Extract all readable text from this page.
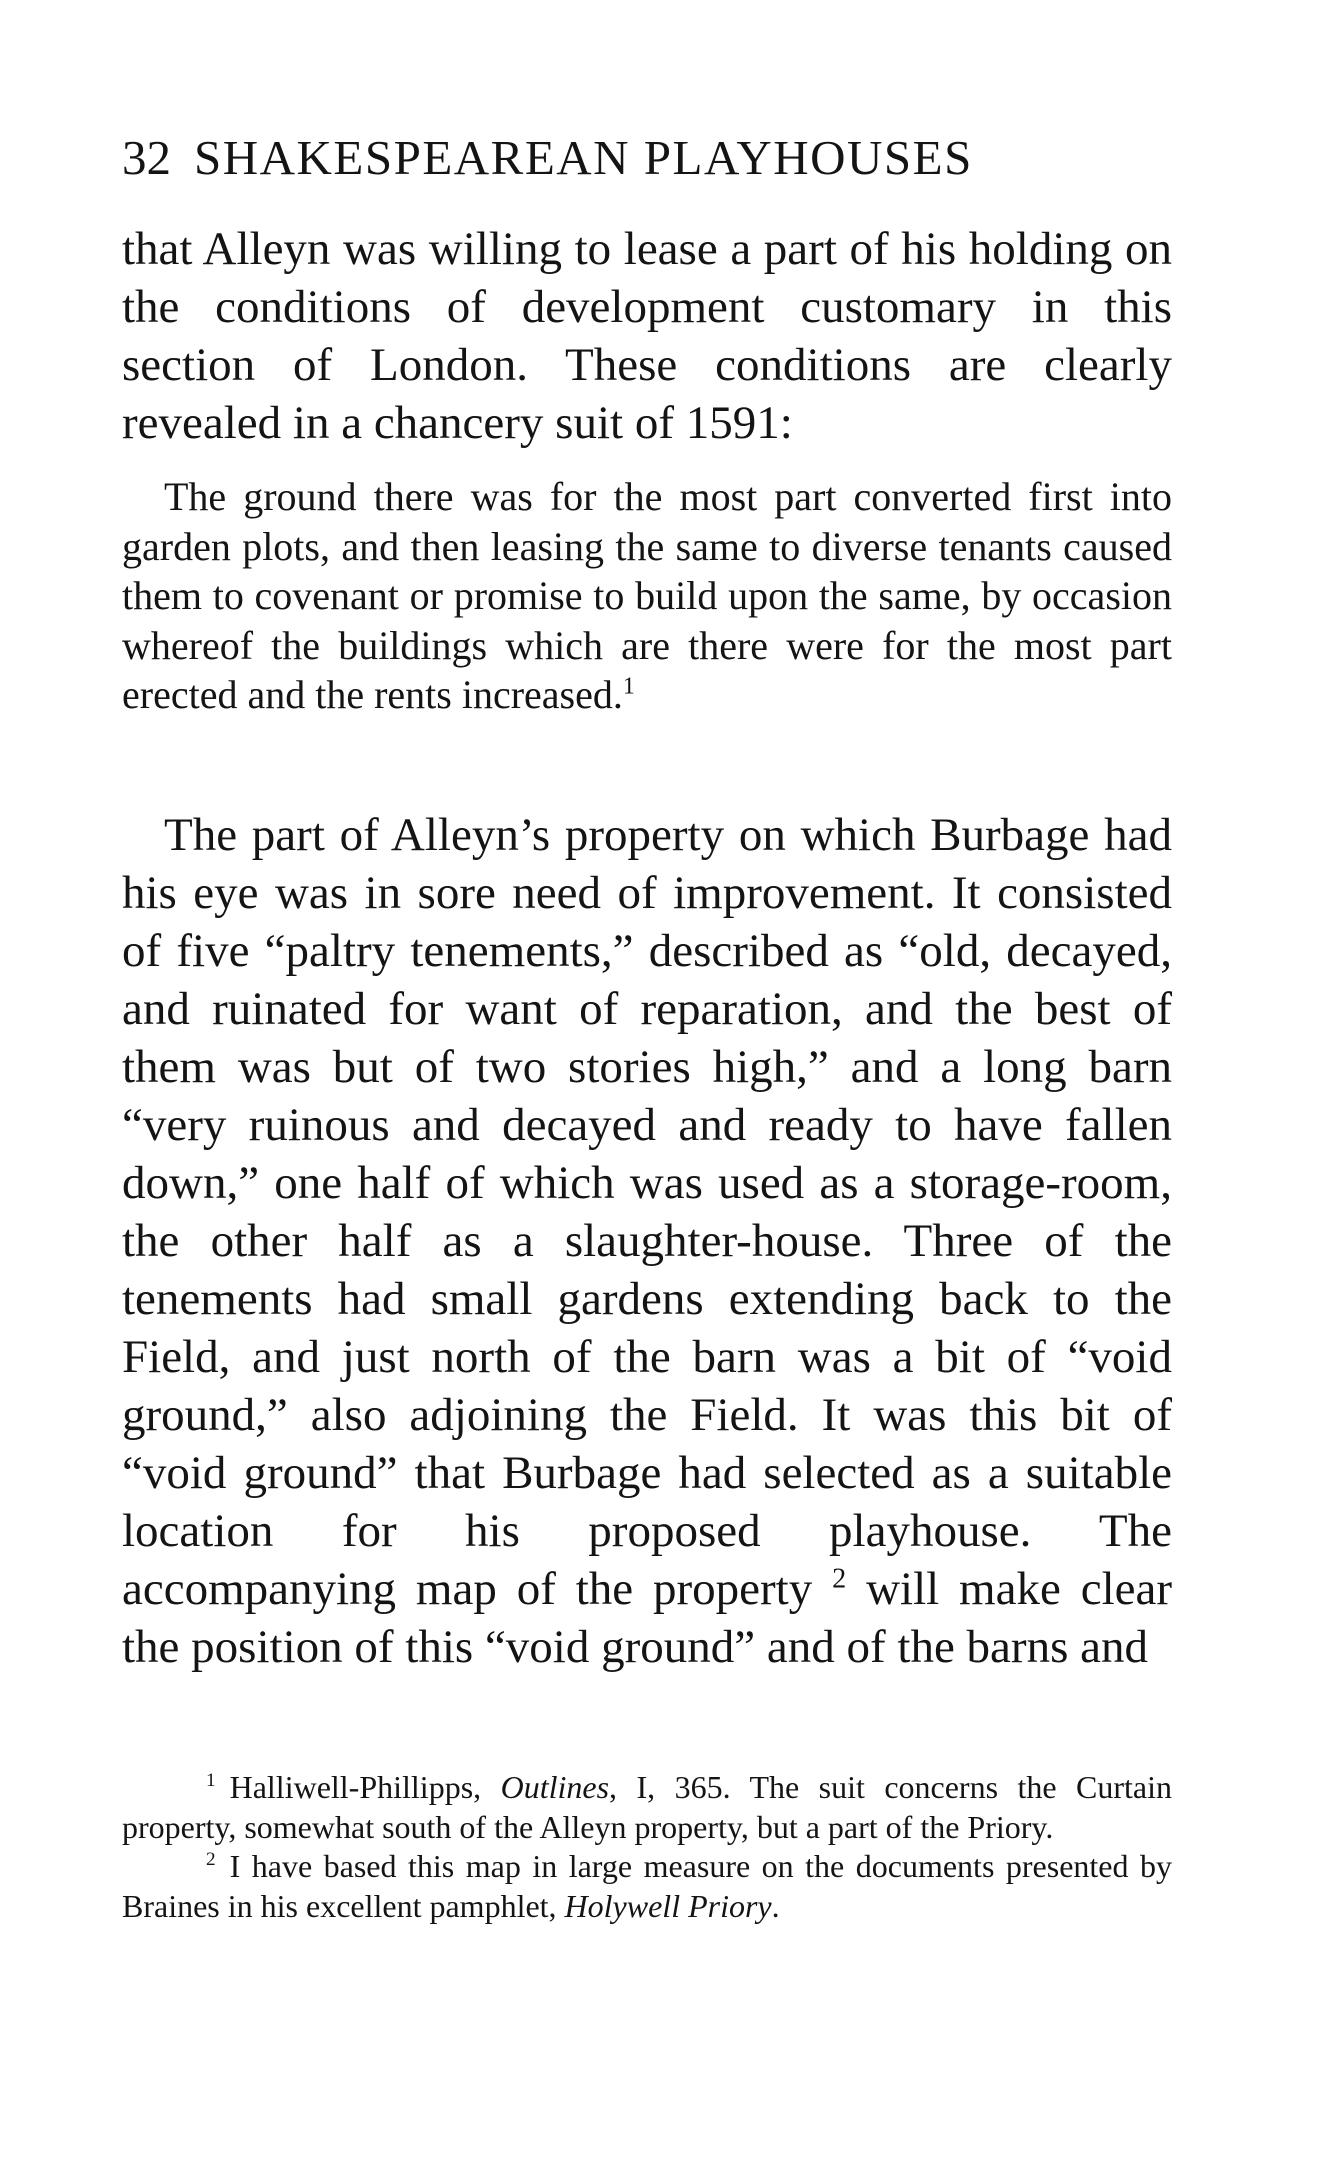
32 SHAKESPEAREAN PLAYHOUSES

that Alleyn was willing to lease a part of his holding on the conditions of development customary in this section of London. These conditions are clearly revealed in a chancery suit of 1591:

The ground there was for the most part converted first into garden plots, and then leasing the same to diverse tenants caused them to covenant or promise to build upon the same, by occasion whereof the buildings which are there were for the most part erected and the rents increased.$^1$

The part of Alleyn’s property on which Burbage had his eye was in sore need of improvement. It consisted of five “paltry tenements,” described as “old, decayed, and ruinated for want of reparation, and the best of them was but of two stories high,” and a long barn “very ruinous and decayed and ready to have fallen down,” one half of which was used as a storage-room, the other half as a slaughter-house. Three of the tenements had small gardens extending back to the Field, and just north of the barn was a bit of “void ground,” also adjoining the Field. It was this bit of “void ground” that Burbage had selected as a suitable location for his proposed playhouse. The accompanying map of the property $^2$ will make clear the position of this “void ground” and of the barns and

$^1$ Halliwell-Phillipps, Outlines, I, 365. The suit concerns the Curtain property, somewhat south of the Alleyn property, but a part of the Priory.

$^2$ I have based this map in large measure on the documents presented by Braines in his excellent pamphlet, Holywell Priory.
